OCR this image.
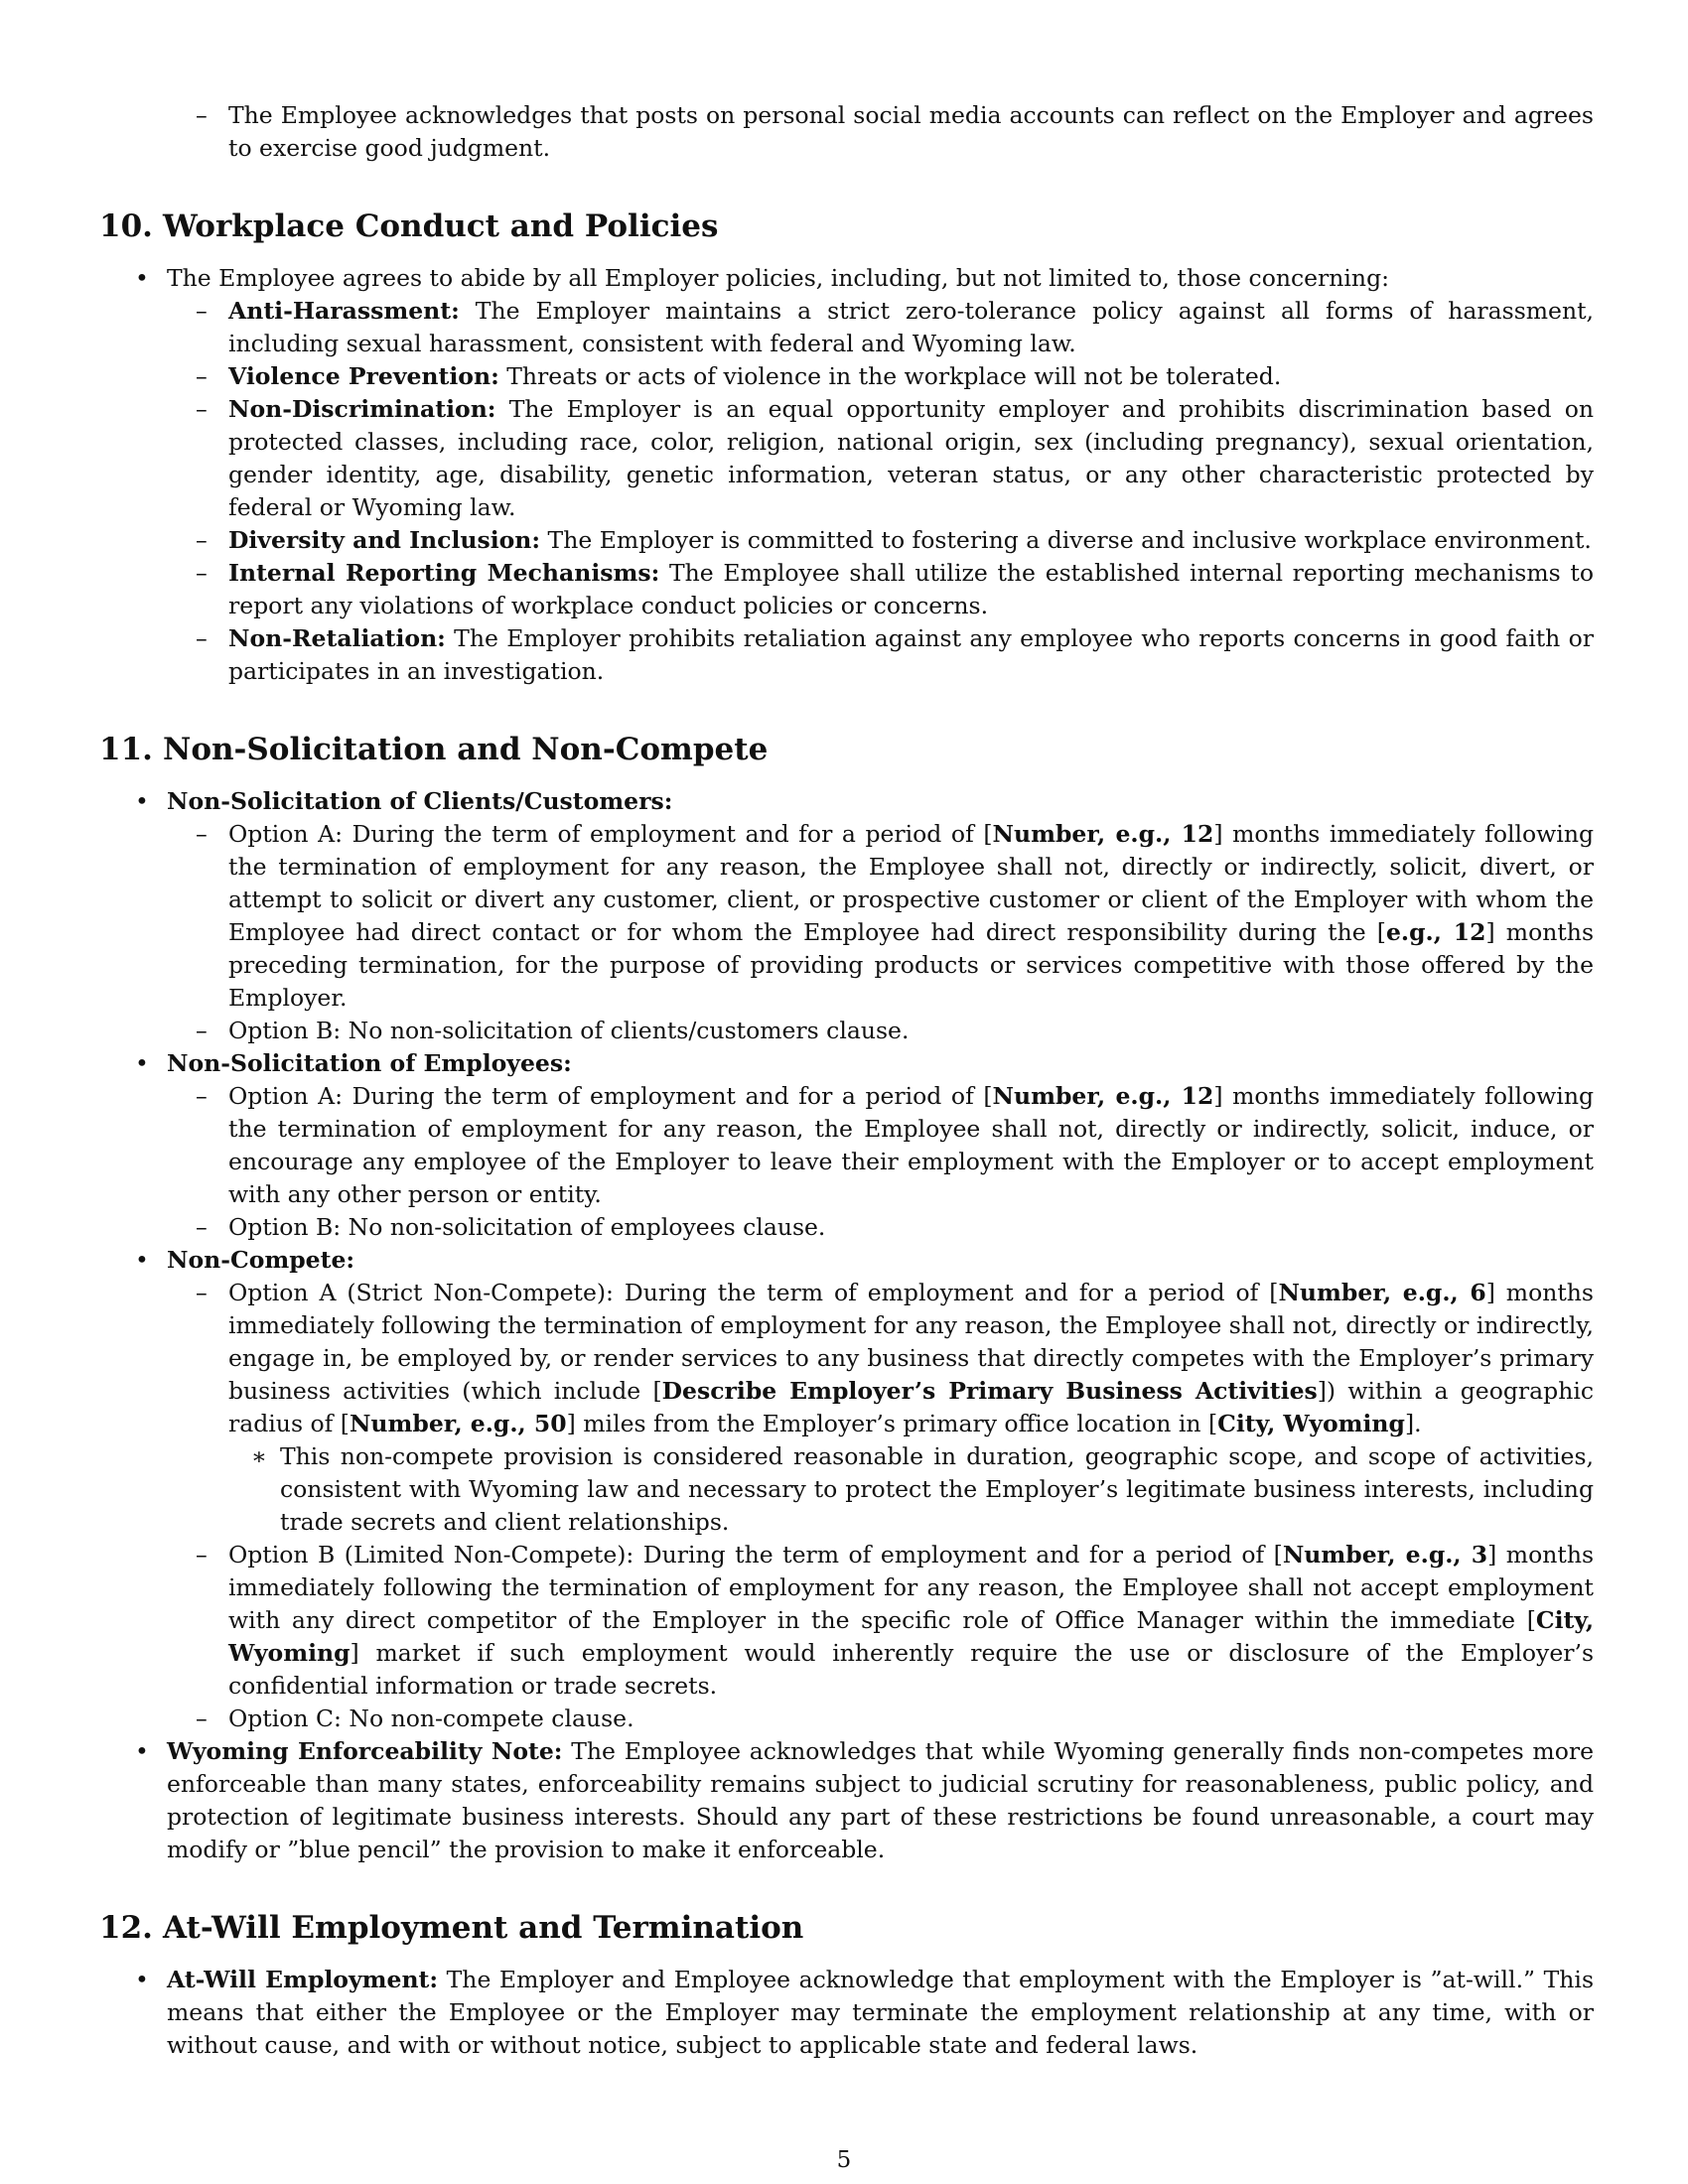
– The Employee acknowledges that posts on personal social media accounts can reflect on the Employer and agrees to exercise good judgment.
10. Workplace Conduct and Policies
• The Employee agrees to abide by all Employer policies, including, but not limited to, those concerning:
– Anti-Harassment: The Employer maintains a strict zero-tolerance policy against all forms of harassment, including sexual harassment, consistent with federal and Wyoming law.
– Violence Prevention: Threats or acts of violence in the workplace will not be tolerated.
– Non-Discrimination: The Employer is an equal opportunity employer and prohibits discrimination based on protected classes, including race, color, religion, national origin, sex (including pregnancy), sexual orientation, gender identity, age, disability, genetic information, veteran status, or any other characteristic protected by federal or Wyoming law.
– Diversity and Inclusion: The Employer is committed to fostering a diverse and inclusive workplace environment.
– Internal Reporting Mechanisms: The Employee shall utilize the established internal reporting mechanisms to report any violations of workplace conduct policies or concerns.
– Non-Retaliation: The Employer prohibits retaliation against any employee who reports concerns in good faith or participates in an investigation.
11. Non-Solicitation and Non-Compete
• Non-Solicitation of Clients/Customers:
– Option A: During the term of employment and for a period of [Number, e.g., 12] months immediately following the termination of employment for any reason, the Employee shall not, directly or indirectly, solicit, divert, or attempt to solicit or divert any customer, client, or prospective customer or client of the Employer with whom the Employee had direct contact or for whom the Employee had direct responsibility during the [e.g., 12] months preceding termination, for the purpose of providing products or services competitive with those offered by the Employer.
– Option B: No non-solicitation of clients/customers clause.
• Non-Solicitation of Employees:
– Option A: During the term of employment and for a period of [Number, e.g., 12] months immediately following the termination of employment for any reason, the Employee shall not, directly or indirectly, solicit, induce, or encourage any employee of the Employer to leave their employment with the Employer or to accept employment with any other person or entity.
– Option B: No non-solicitation of employees clause.
• Non-Compete:
– Option A (Strict Non-Compete): During the term of employment and for a period of [Number, e.g., 6] months immediately following the termination of employment for any reason, the Employee shall not, directly or indirectly, engage in, be employed by, or render services to any business that directly competes with the Employer’s primary business activities (which include [Describe Employer’s Primary Business Activities]) within a geographic radius of [Number, e.g., 50] miles from the Employer’s primary office location in [City, Wyoming].
∗ This non-compete provision is considered reasonable in duration, geographic scope, and scope of activities, consistent with Wyoming law and necessary to protect the Employer’s legitimate business interests, including trade secrets and client relationships.
– Option B (Limited Non-Compete): During the term of employment and for a period of [Number, e.g., 3] months immediately following the termination of employment for any reason, the Employee shall not accept employment with any direct competitor of the Employer in the specific role of Office Manager within the immediate [City, Wyoming] market if such employment would inherently require the use or disclosure of the Employer’s confidential information or trade secrets.
– Option C: No non-compete clause.
• Wyoming Enforceability Note: The Employee acknowledges that while Wyoming generally finds non-competes more enforceable than many states, enforceability remains subject to judicial scrutiny for reasonableness, public policy, and protection of legitimate business interests. Should any part of these restrictions be found unreasonable, a court may modify or ”blue pencil” the provision to make it enforceable.
12. At-Will Employment and Termination
• At-Will Employment: The Employer and Employee acknowledge that employment with the Employer is ”at-will.” This means that either the Employee or the Employer may terminate the employment relationship at any time, with or without cause, and with or without notice, subject to applicable state and federal laws.
5
